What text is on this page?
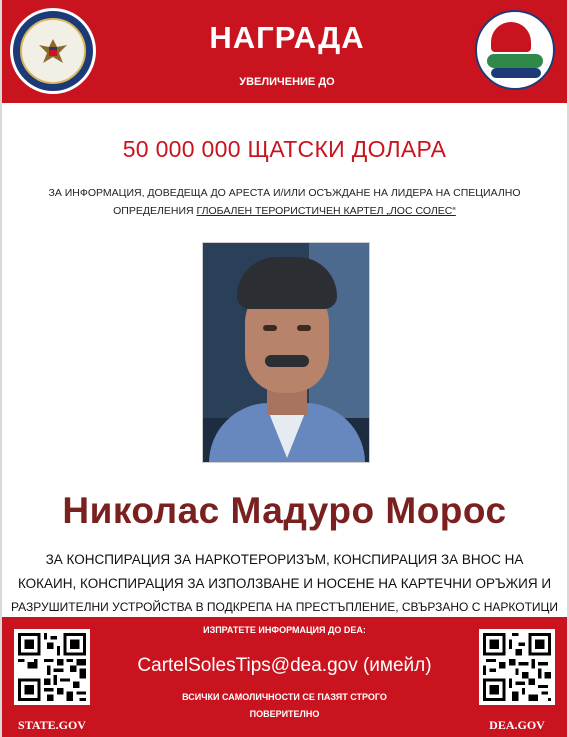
НАГРАДА
УВЕЛИЧЕНИЕ ДО
50 000 000 ЩАТСКИ ДОЛАРА
ЗА ИНФОРМАЦИЯ, ДОВЕДЕЩА ДО АРЕСТА И/ИЛИ ОСЪЖДАНЕ НА ЛИДЕРА НА СПЕЦИАЛНО
ОПРЕДЕЛЕНИЯ ГЛОБАЛЕН ТЕРОРИСТИЧЕН КАРТЕЛ „ЛОС СОЛЕС“
Николас Мадуро Морос
ЗА КОНСПИРАЦИЯ ЗА НАРКОТЕРОРИЗЪМ, КОНСПИРАЦИЯ ЗА ВНОС НА
КОКАИН, КОНСПИРАЦИЯ ЗА ИЗПОЛЗВАНЕ И НОСЕНЕ НА КАРТЕЧНИ ОРЪЖИЯ И
РАЗРУШИТЕЛНИ УСТРОЙСТВА В ПОДКРЕПА НА ПРЕСТЪПЛЕНИЕ, СВЪРЗАНО С НАРКОТИЦИ
STATE.GOV
ИЗПРАТЕТЕ ИНФОРМАЦИЯ ДО DEA:
CartelSolesTips@dea.gov (имейл)
ВСИЧКИ САМОЛИЧНОСТИ СЕ ПАЗЯТ СТРОГО
ПОВЕРИТЕЛНО
DEA.GOV
